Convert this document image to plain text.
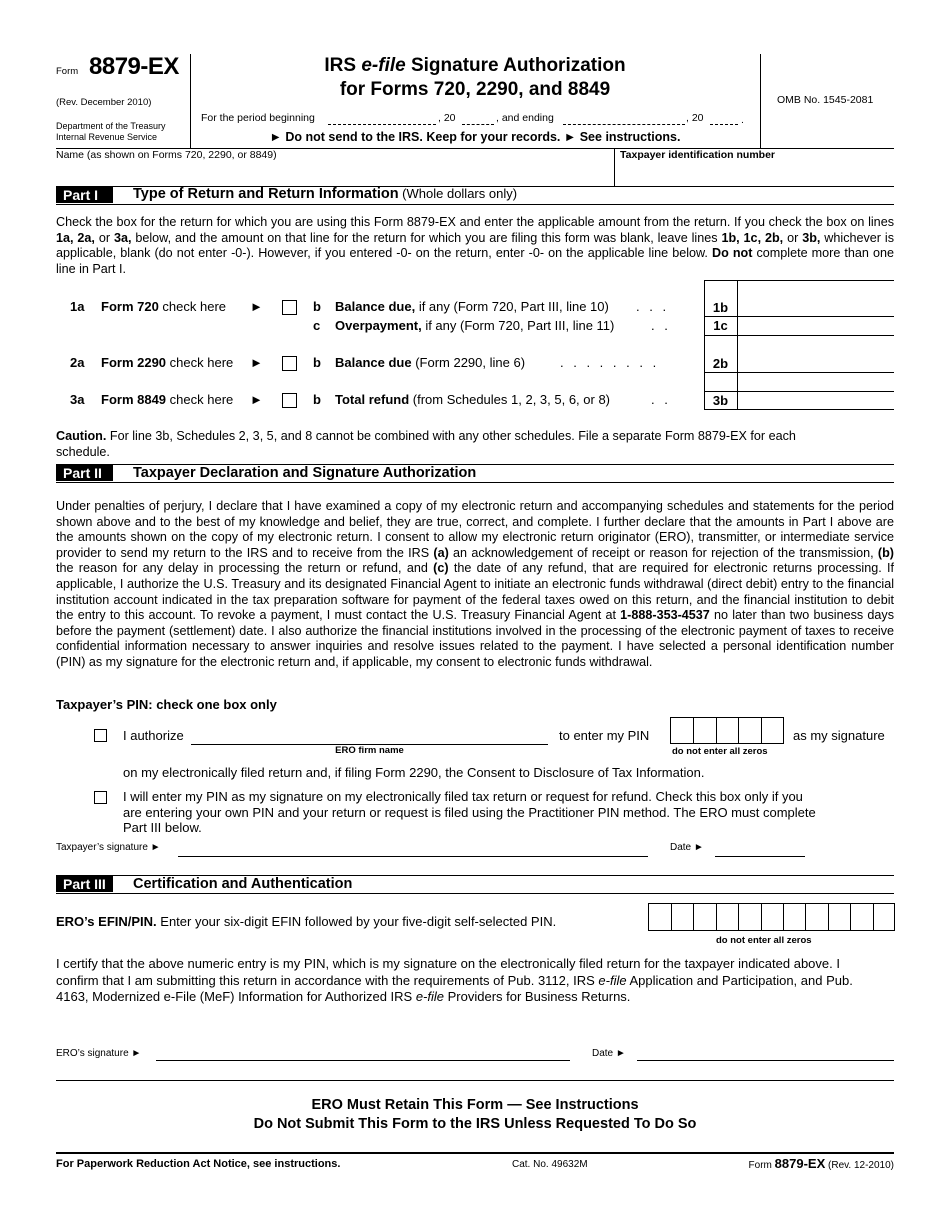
Form 8879-EX
(Rev. December 2010)
Department of the Treasury
Internal Revenue Service
IRS e-file Signature Authorization
for Forms 720, 2290, and 8849
For the period beginning	, 20	, and ending	, 20	.
► Do not send to the IRS. Keep for your records. ► See instructions.
OMB No. 1545-2081
Name (as shown on Forms 720, 2290, or 8849)	Taxpayer identification number
Part I	Type of Return and Return Information (Whole dollars only)
Check the box for the return for which you are using this Form 8879-EX and enter the applicable amount from the return. If you check the box on lines 1a, 2a, or 3a, below, and the amount on that line for the return for which you are filing this form was blank, leave lines 1b, 1c, 2b, or 3b, whichever is applicable, blank (do not enter -0-). However, if you entered -0- on the return, enter -0- on the applicable line below. Do not complete more than one line in Part I.
1a Form 720 check here ►	b Balance due, if any (Form 720, Part III, line 10) . . .	1b
c Overpayment, if any (Form 720, Part III, line 11)	. .	1c
2a Form 2290 check here ►	b Balance due (Form 2290, line 6)	. . . . . . . .	2b
3a Form 8849 check here ►	b Total refund (from Schedules 1, 2, 3, 5, 6, or 8)	. .	3b
Caution. For line 3b, Schedules 2, 3, 5, and 8 cannot be combined with any other schedules. File a separate Form 8879-EX for each schedule.
Part II	Taxpayer Declaration and Signature Authorization
Under penalties of perjury, I declare that I have examined a copy of my electronic return and accompanying schedules and statements for the period shown above and to the best of my knowledge and belief, they are true, correct, and complete. I further declare that the amounts in Part I above are the amounts shown on the copy of my electronic return. I consent to allow my electronic return originator (ERO), transmitter, or intermediate service provider to send my return to the IRS and to receive from the IRS (a) an acknowledgement of receipt or reason for rejection of the transmission, (b) the reason for any delay in processing the return or refund, and (c) the date of any refund, that are required for electronic returns processing. If applicable, I authorize the U.S. Treasury and its designated Financial Agent to initiate an electronic funds withdrawal (direct debit) entry to the financial institution account indicated in the tax preparation software for payment of the federal taxes owed on this return, and the financial institution to debit the entry to this account. To revoke a payment, I must contact the U.S. Treasury Financial Agent at 1-888-353-4537 no later than two business days before the payment (settlement) date. I also authorize the financial institutions involved in the processing of the electronic payment of taxes to receive confidential information necessary to answer inquiries and resolve issues related to the payment. I have selected a personal identification number (PIN) as my signature for the electronic return and, if applicable, my consent to electronic funds withdrawal.
Taxpayer’s PIN: check one box only
I authorize
ERO firm name
to enter my PIN
do not enter all zeros
as my signature
on my electronically filed return and, if filing Form 2290, the Consent to Disclosure of Tax Information.
I will enter my PIN as my signature on my electronically filed tax return or request for refund. Check this box only if you are entering your own PIN and your return or request is filed using the Practitioner PIN method. The ERO must complete Part III below.
Taxpayer’s signature ►	Date ►
Part III	Certification and Authentication
ERO’s EFIN/PIN. Enter your six-digit EFIN followed by your five-digit self-selected PIN.
do not enter all zeros
I certify that the above numeric entry is my PIN, which is my signature on the electronically filed return for the taxpayer indicated above. I confirm that I am submitting this return in accordance with the requirements of Pub. 3112, IRS e-file Application and Participation, and Pub. 4163, Modernized e-File (MeF) Information for Authorized IRS e-file Providers for Business Returns.
ERO’s signature ►	Date ►
ERO Must Retain This Form — See Instructions
Do Not Submit This Form to the IRS Unless Requested To Do So
For Paperwork Reduction Act Notice, see instructions.	Cat. No. 49632M	Form 8879-EX (Rev. 12-2010)
